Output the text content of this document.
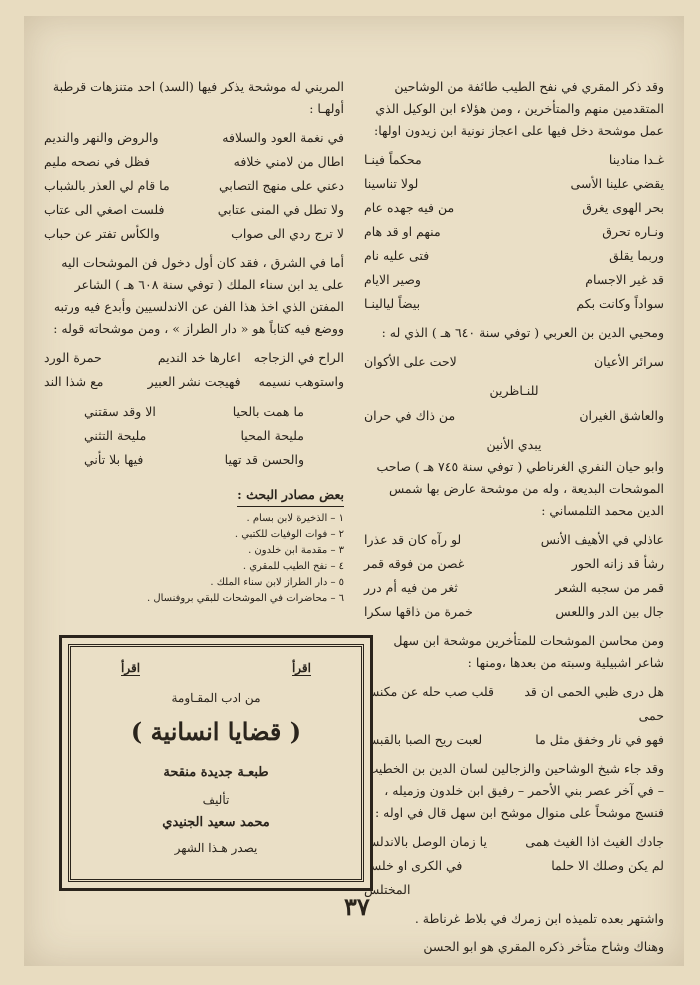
وقد ذكر المقري في نفح الطيب طائفة من الوشاحين المتقدمين منهم والمتأخرين ، ومن هؤلاء ابن الوكيل الذي عمل موشحة دخل فيها على اعجاز نونية ابن زيدون اولها:

غـدا منادينا
محكماً فينـا
يقضي علينا الأسى
لولا تناسينا
بحر الهوى يغرق
من فيه جهده عام
ونـاره تحرق
منهم او قد هام
وربما يقلق
فتى عليه نام
قد غير الاجسام
وصير الايام
سواداً وكانت بكم
بيضاً ليالينـا

ومحيي الدين بن العربي ( توفي سنة ٦٤٠ هـ ) الذي له :

سرائر الأعيان
لاحت على الأكوان
للنـاظرين
والعاشق الغيران
من ذاك في حران
يبدي الأنين

وابو حيان النفري الغرناطي ( توفي سنة ٧٤٥ هـ ) صاحب الموشحات البديعة ، وله من موشحة عارض بها شمس الدين محمد التلمساني :

عاذلي في الأهيف الأنس
لو رآه كان قد عذرا
رشأ قد زانه الحور
غصن من فوقه قمر
قمر من سجبه الشعر
ثغر من فيه أم درر
جال بين الدر واللعس
خمرة من ذاقها سكرا

ومن محاسن الموشحات للمتأخرين موشحة ابن سهل شاعر اشبيلية وسبته من بعدها ،ومنها :

هل درى ظبي الحمى ان قد حمى
قلب صب حله عن مكنس
فهو في نار وخفق مثل ما
لعبت ريح الصبا بالقبس

وقد جاء شيخ الوشاحين والزجالين لسان الدين بن الخطيب – في آخر عصر بني الأحمر – رفيق ابن خلدون وزميله ، فنسج موشحاً على منوال موشح ابن سهل قال في اوله :

جادك الغيث اذا الغيث همى
يا زمان الوصل بالاندلس
لم يكن وصلك الا حلما
في الكرى او خلسة المختلس

واشتهر بعده تلميذه ابن زمرك في بلاط غرناطة .

وهناك وشاح متأخر ذكره المقري هو ابو الحسن

المريني له موشحة يذكر فيها (السد) احد متنزهات قرطبة أولهـا :

في نغمة العود والسلافه
والروض والنهر والنديم
اطال من لامني خلافه
فظل في نصحه مليم
دعني على منهج التصابي
ما قام لي العذر بالشباب
ولا تطل في المنى عتابي
فلست اصغي الى عتاب
لا ترج ردي الى صواب
والكأس تفتر عن حباب

أما في الشرق ، فقد كان أول دخول فن الموشحات اليه على يد ابن سناء الملك ( توفي سنة ٦٠٨ هـ ) الشاعر المفتن الذي اخذ هذا الفن عن الاندلسيين وأبدع فيه ورتبه ووضع فيه كتاباً هو « دار الطراز » ، ومن موشحاته قوله :

الراح في الزجاجه
اعارها خد النديم
حمرة الورد
واستوهب نسيمه
فهيجت نشر العبير
مع شذا الند
ما همت بالحيا
الا وقد سقتني
مليحة المحيا
مليحة التثني
والحسن قد تهيا
فيها بلا تأني
بعض مصادر البحث :
١ – الذخيرة لابن بسام .
٢ – فوات الوفيات للكتبي .
٣ – مقدمة ابن خلدون .
٤ – نفح الطيب للمقري .
٥ – دار الطراز لابن سناء الملك .
٦ – محاضرات في الموشحات للبقي بروفنسال .
اقرأ
اقرأ
من ادب المقـاومة
( قضايا انسانية )
طبعـة جديدة منقحة
تأليف
محمد سعيد الجنيدي
يصدر هـذا الشهر
٣٧
